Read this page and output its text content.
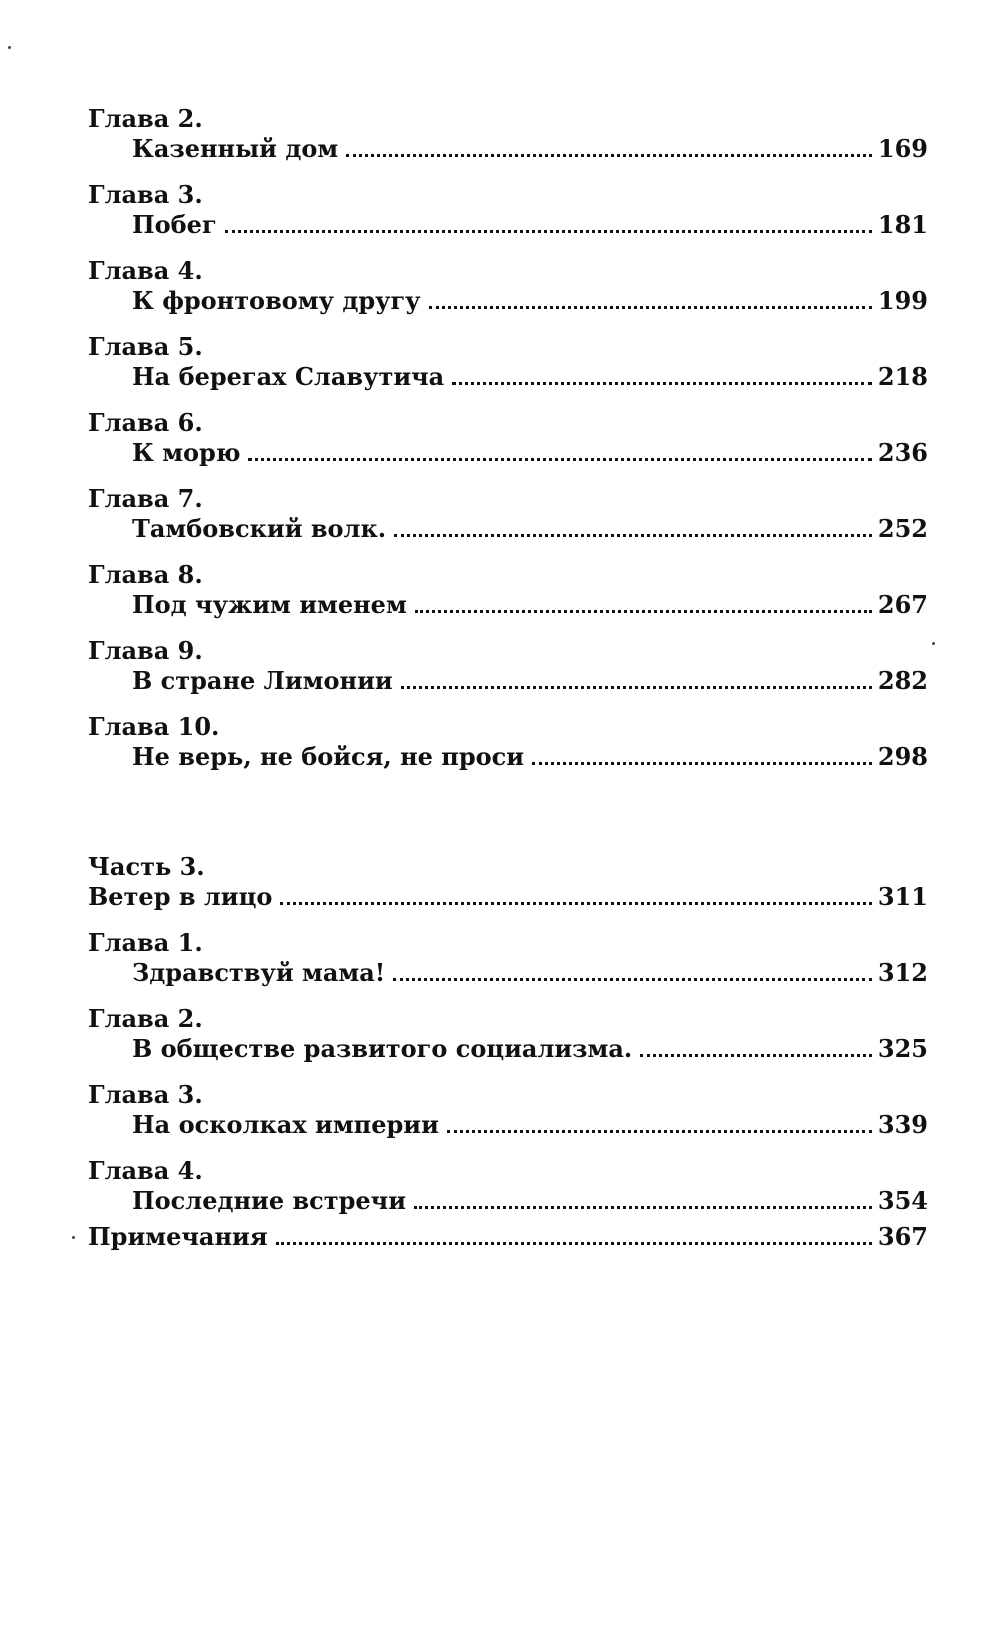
Глава 2.
Казенный дом	169
Глава 3.
Побег	181
Глава 4.
К фронтовому другу	199
Глава 5.
На берегах Славутича	218
Глава 6.
К морю	236
Глава 7.
Тамбовский волк.	252
Глава 8.
Под чужим именем	267
Глава 9.
В стране Лимонии	282
Глава 10.
Не верь, не бойся, не проси	298
Часть 3.
Ветер в лицо	311
Глава 1.
Здравствуй мама!	312
Глава 2.
В обществе развитого социализма.	325
Глава 3.
На осколках империи	339
Глава 4.
Последние встречи	354
Примечания	367
